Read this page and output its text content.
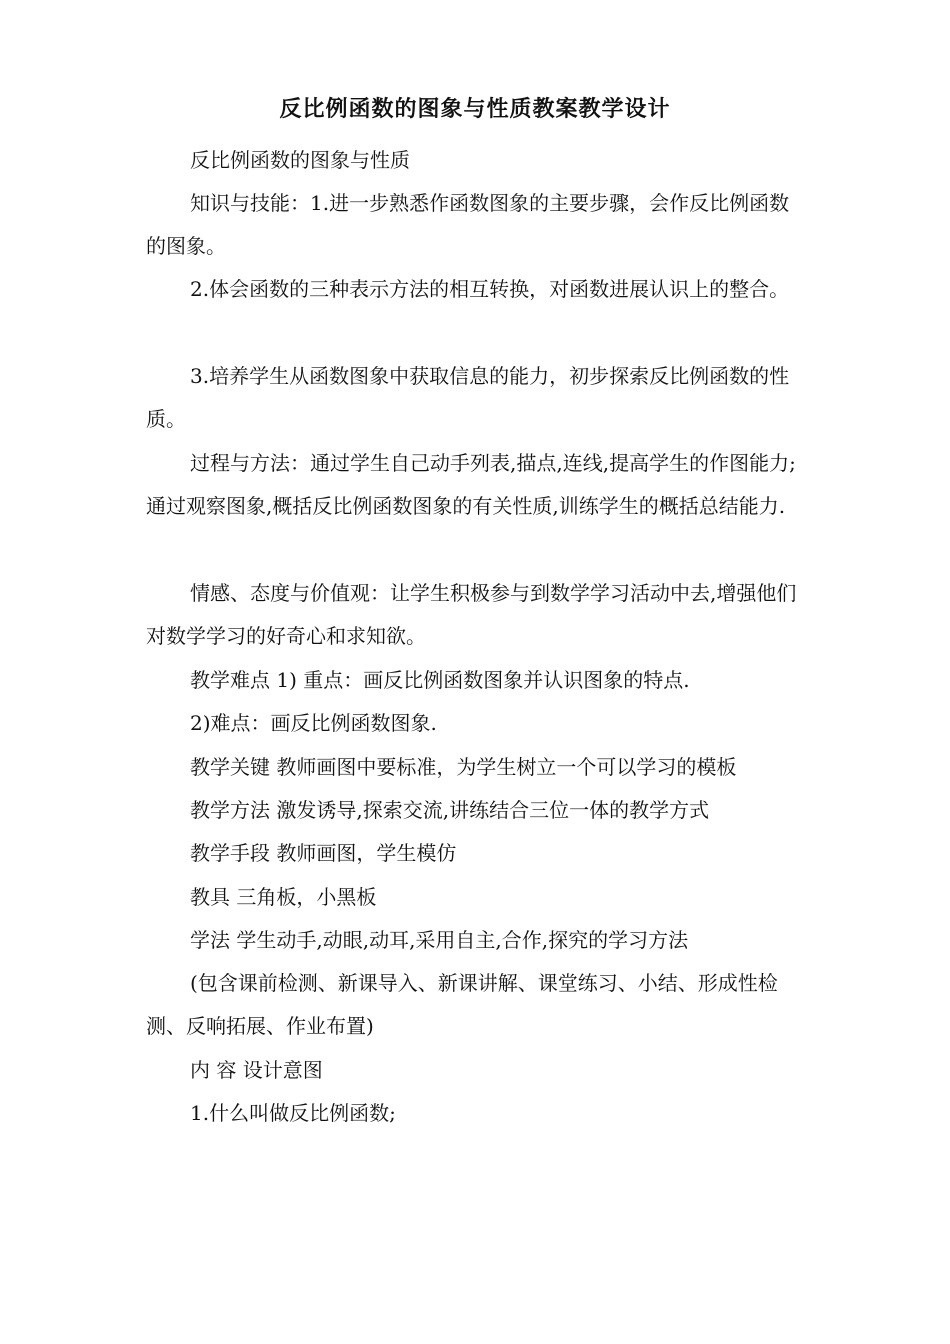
反比例函数的图象与性质教案教学设计
反比例函数的图象与性质
知识与技能：1.进一步熟悉作函数图象的主要步骤，会作反比例函数的图象。
2.体会函数的三种表示方法的相互转换，对函数进展认识上的整合。
3.培养学生从函数图象中获取信息的能力，初步探索反比例函数的性质。
过程与方法：通过学生自己动手列表,描点,连线,提高学生的作图能力;通过观察图象,概括反比例函数图象的有关性质,训练学生的概括总结能力.
情感、态度与价值观：让学生积极参与到数学学习活动中去,增强他们对数学学习的好奇心和求知欲。
教学难点 1) 重点：画反比例函数图象并认识图象的特点.
2)难点：画反比例函数图象.
教学关键 教师画图中要标准，为学生树立一个可以学习的模板
教学方法 激发诱导,探索交流,讲练结合三位一体的教学方式
教学手段 教师画图，学生模仿
教具 三角板，小黑板
学法 学生动手,动眼,动耳,采用自主,合作,探究的学习方法
(包含课前检测、新课导入、新课讲解、课堂练习、小结、形成性检测、反响拓展、作业布置)
内 容 设计意图
1.什么叫做反比例函数;
